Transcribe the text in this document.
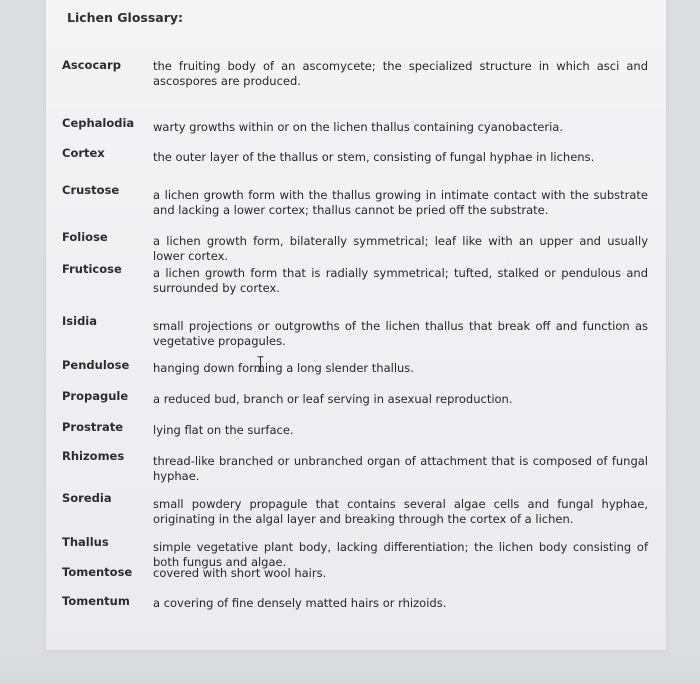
Lichen Glossary:
Ascocarp	the fruiting body of an ascomycete; the specialized structure in which asci and ascospores are produced.
Cephalodia warty growths within or on the lichen thallus containing cyanobacteria.
Cortex	the outer layer of the thallus or stem, consisting of fungal hyphae in lichens.
Crustose	a lichen growth form with the thallus growing in intimate contact with the substrate and lacking a lower cortex; thallus cannot be pried off the substrate.
Foliose	a lichen growth form, bilaterally symmetrical; leaf like with an upper and usually lower cortex.
Fruticose	a lichen growth form that is radially symmetrical; tufted, stalked or pendulous and surrounded by cortex.
Isidia	small projections or outgrowths of the lichen thallus that break off and function as vegetative propagules.
Pendulose hanging down forming a long slender thallus.
Propagule a reduced bud, branch or leaf serving in asexual reproduction.
Prostrate	lying flat on the surface.
Rhizomes	thread-like branched or unbranched organ of attachment that is composed of fungal hyphae.
Soredia	small powdery propagule that contains several algae cells and fungal hyphae, originating in the algal layer and breaking through the cortex of a lichen.
Thallus	simple vegetative plant body, lacking differentiation; the lichen body consisting of both fungus and algae.
Tomentose covered with short wool hairs.
Tomentum a covering of fine densely matted hairs or rhizoids.
